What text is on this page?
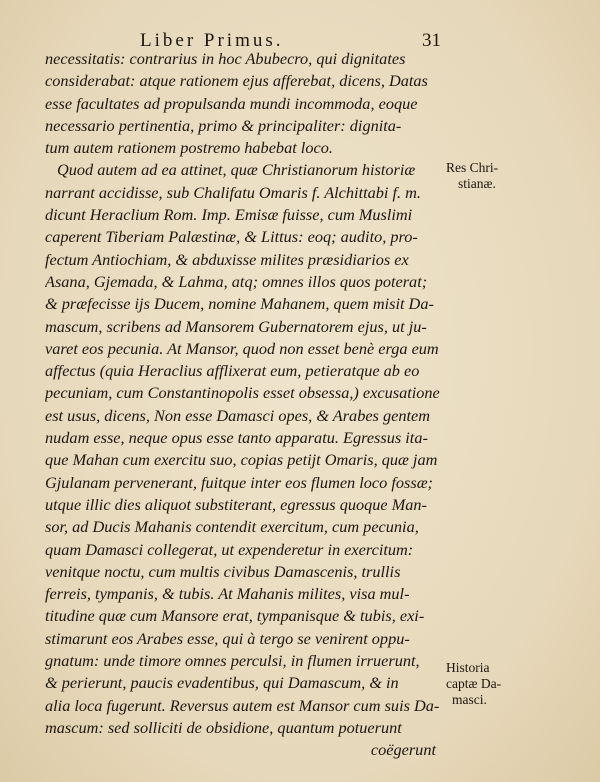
Liber Primus.	31
necessitatis: contrarius in hoc Abubecro, qui dignitates
considerabat: atque rationem ejus afferebat, dicens, Datas
esse facultates ad propulsanda mundi incommoda, eoque
necessario pertinentia, primo & principaliter: dignita-
tum autem rationem postremo habebat loco.
Quod autem ad ea attinet, quæ Christianorum historiæ
narrant accidisse, sub Chalifatu Omaris f. Alchittabi f. m.
dicunt Heraclium Rom. Imp. Emisæ fuisse, cum Muslimi
caperent Tiberiam Palæstinæ, & Littus: eoq; audito, pro-
fectum Antiochiam, & abduxisse milites præsidiarios ex
Asana, Gjemada, & Lahma, atq; omnes illos quos poterat;
& præfecisse ijs Ducem, nomine Mahanem, quem misit Da-
mascum, scribens ad Mansorem Gubernatorem ejus, ut ju-
varet eos pecunia. At Mansor, quod non esset benè erga eum
affectus (quia Heraclius afflixerat eum, petieratque ab eo
pecuniam, cum Constantinopolis esset obsessa,) excusatione
est usus, dicens, Non esse Damasci opes, & Arabes gentem
nudam esse, neque opus esse tanto apparatu. Egressus ita-
que Mahan cum exercitu suo, copias petijt Omaris, quæ jam
Gjulanam pervenerant, fuitque inter eos flumen loco fossæ;
utque illic dies aliquot substiterant, egressus quoque Man-
sor, ad Ducis Mahanis contendit exercitum, cum pecunia,
quam Damasci collegerat, ut expenderetur in exercitum:
venitque noctu, cum multis civibus Damascenis, trullis
ferreis, tympanis, & tubis. At Mahanis milites, visa mul-
titudine quæ cum Mansore erat, tympanisque & tubis, exi-
stimarunt eos Arabes esse, qui à tergo se venirent oppu-
gnatum: unde timore omnes perculsi, in flumen irruerunt,
& perierunt, paucis evadentibus, qui Damascum, & in
alia loca fugerunt. Reversus autem est Mansor cum suis Da-
mascum: sed solliciti de obsidione, quantum potuerunt
coëgerunt
Res Chri-
stianæ.
Historia
captæ Da-
masci.
